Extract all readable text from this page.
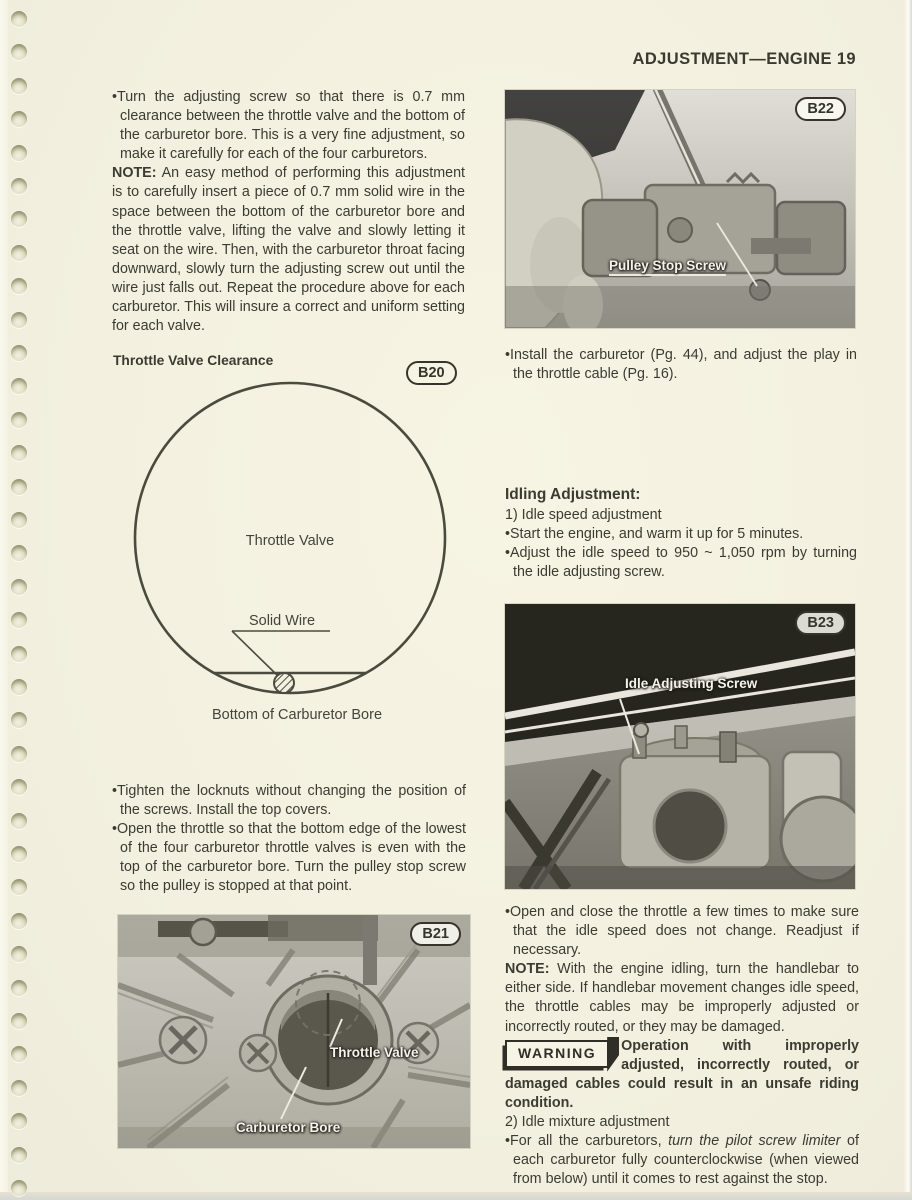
ADJUSTMENT—ENGINE 19

•Turn the adjusting screw so that there is 0.7 mm clearance between the throttle valve and the bottom of the carburetor bore. This is a very fine adjustment, so make it carefully for each of the four carburetors.

NOTE: An easy method of performing this adjustment is to carefully insert a piece of 0.7 mm solid wire in the space between the bottom of the carburetor bore and the throttle valve, lifting the valve and slowly letting it seat on the wire. Then, with the carburetor throat facing downward, slowly turn the adjusting screw out until the wire just falls out. Repeat the procedure above for each carburetor. This will insure a correct and uniform setting for each valve.

Throttle Valve Clearance
B20
Throttle Valve
Solid Wire
Bottom of Carburetor Bore

•Tighten the locknuts without changing the position of the screws. Install the top covers.

•Open the throttle so that the bottom edge of the lowest of the four carburetor throttle valves is even with the top of the carburetor bore. Turn the pulley stop screw so the pulley is stopped at that point.

B21
Throttle Valve
Carburetor Bore
B22
Pulley Stop Screw

•Install the carburetor (Pg. 44), and adjust the play in the throttle cable (Pg. 16).

Idling Adjustment:

1) Idle speed adjustment

•Start the engine, and warm it up for 5 minutes.

•Adjust the idle speed to 950 ~ 1,050 rpm by turning the idle adjusting screw.

B23
Idle Adjusting Screw

•Open and close the throttle a few times to make sure that the idle speed does not change. Readjust if necessary.

NOTE: With the engine idling, turn the handlebar to either side. If handlebar movement changes idle speed, the throttle cables may be improperly adjusted or incorrectly routed, or they may be damaged.

WARNING	Operation with improperly adjusted, incorrectly routed, or damaged cables could result in an unsafe riding condition.

2) Idle mixture adjustment

•For all the carburetors, turn the pilot screw limiter of each carburetor fully counterclockwise (when viewed from below) until it comes to rest against the stop.
